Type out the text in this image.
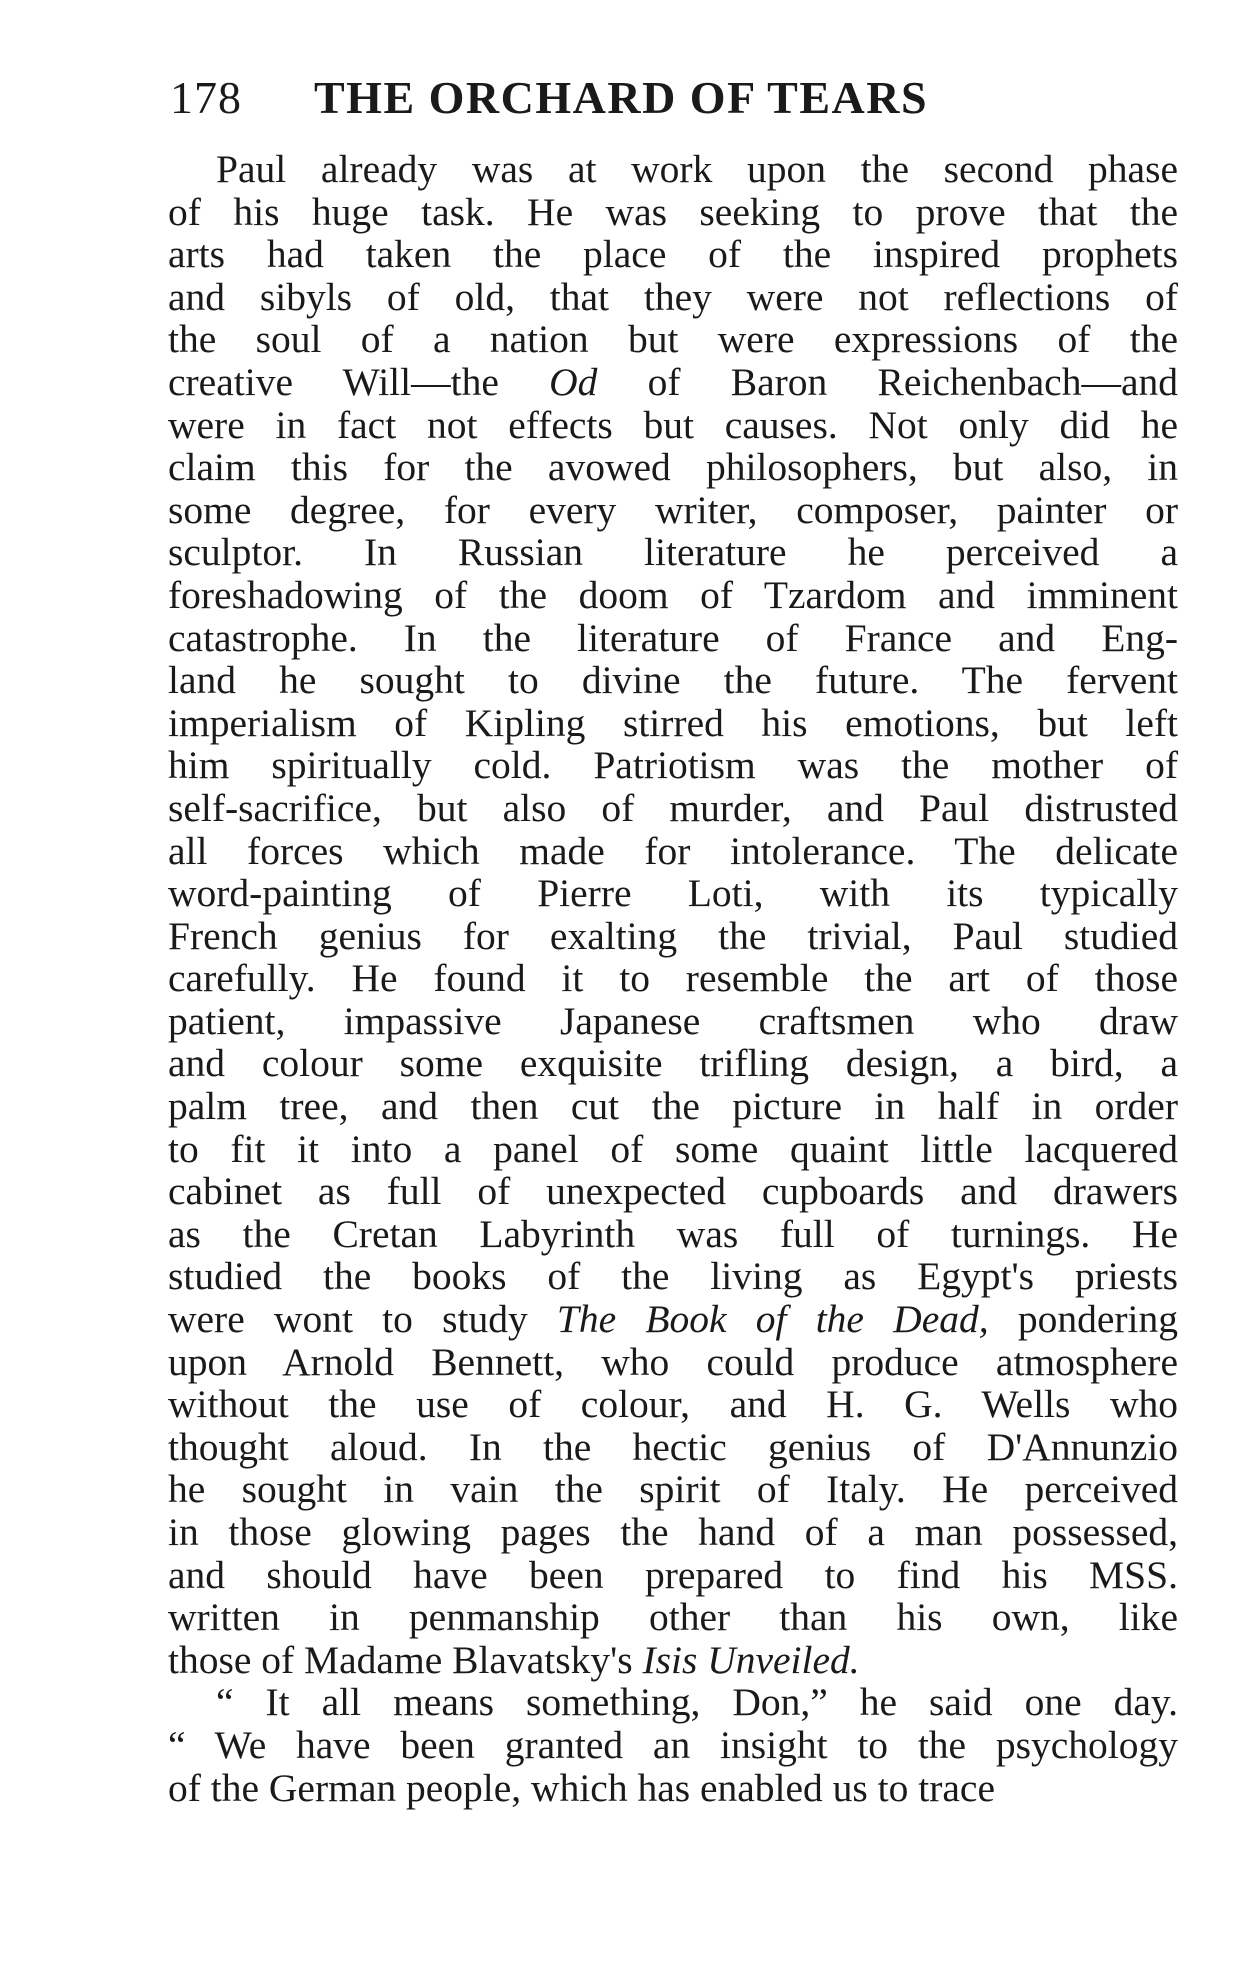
178 THE ORCHARD OF TEARS
Paul already was at work upon the second phase
of his huge task. He was seeking to prove that the
arts had taken the place of the inspired prophets
and sibyls of old, that they were not reflections of
the soul of a nation but were expressions of the
creative Will—the Od of Baron Reichenbach—and
were in fact not effects but causes. Not only did he
claim this for the avowed philosophers, but also, in
some degree, for every writer, composer, painter or
sculptor. In Russian literature he perceived a
foreshadowing of the doom of Tzardom and imminent
catastrophe. In the literature of France and Eng-
land he sought to divine the future. The fervent
imperialism of Kipling stirred his emotions, but left
him spiritually cold. Patriotism was the mother of
self-sacrifice, but also of murder, and Paul distrusted
all forces which made for intolerance. The delicate
word-painting of Pierre Loti, with its typically
French genius for exalting the trivial, Paul studied
carefully. He found it to resemble the art of those
patient, impassive Japanese craftsmen who draw
and colour some exquisite trifling design, a bird, a
palm tree, and then cut the picture in half in order
to fit it into a panel of some quaint little lacquered
cabinet as full of unexpected cupboards and drawers
as the Cretan Labyrinth was full of turnings. He
studied the books of the living as Egypt's priests
were wont to study The Book of the Dead, pondering
upon Arnold Bennett, who could produce atmosphere
without the use of colour, and H. G. Wells who
thought aloud. In the hectic genius of D'Annunzio
he sought in vain the spirit of Italy. He perceived
in those glowing pages the hand of a man possessed,
and should have been prepared to find his MSS.
written in penmanship other than his own, like
those of Madame Blavatsky's Isis Unveiled.
“ It all means something, Don,” he said one day.
“ We have been granted an insight to the psychology
of the German people, which has enabled us to trace
